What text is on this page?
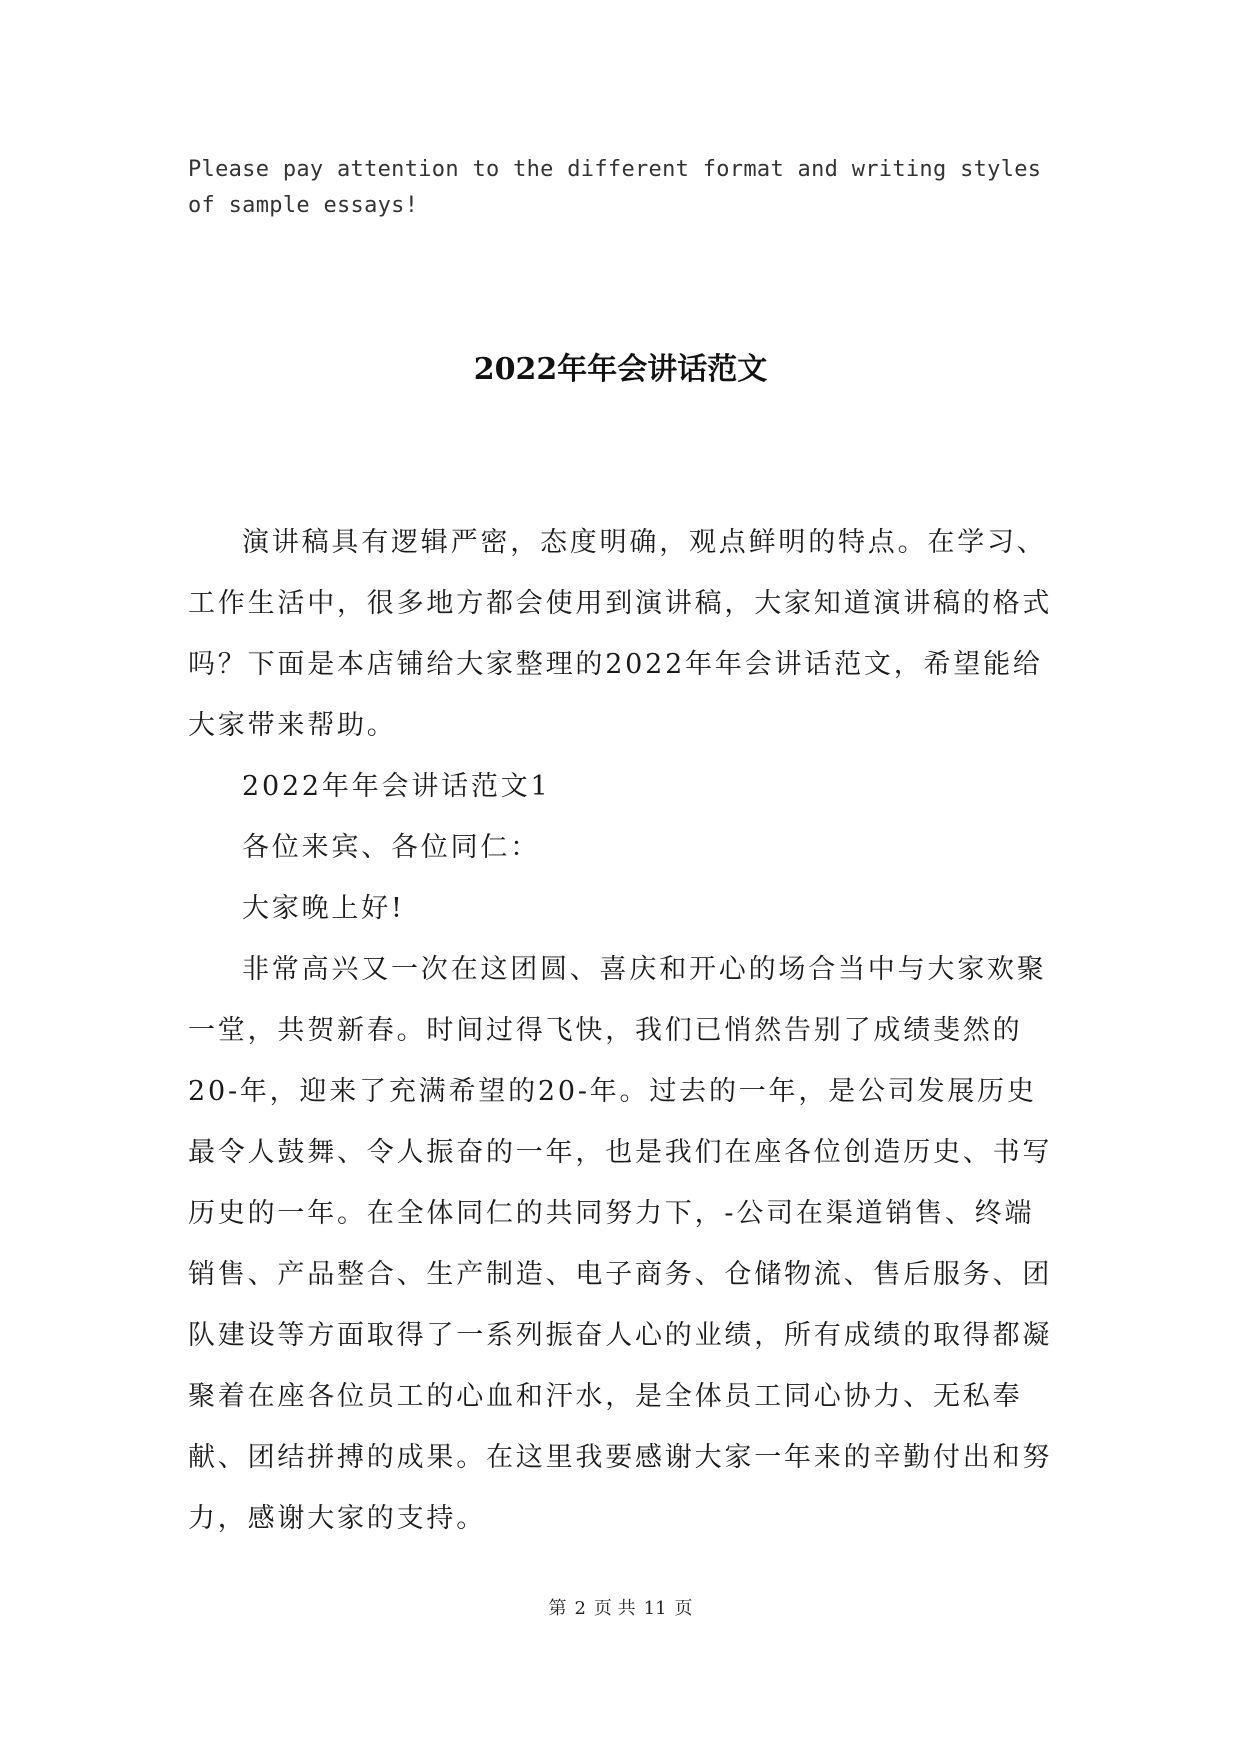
Please pay attention to the different format and writing styles of sample essays!

2022年年会讲话范文

演讲稿具有逻辑严密，态度明确，观点鲜明的特点。在学习、工作生活中，很多地方都会使用到演讲稿，大家知道演讲稿的格式吗？下面是本店铺给大家整理的2022年年会讲话范文，希望能给大家带来帮助。

2022年年会讲话范文1

各位来宾、各位同仁：

大家晚上好!

非常高兴又一次在这团圆、喜庆和开心的场合当中与大家欢聚一堂，共贺新春。时间过得飞快，我们已悄然告别了成绩斐然的20-年，迎来了充满希望的20-年。过去的一年，是公司发展历史最令人鼓舞、令人振奋的一年，也是我们在座各位创造历史、书写历史的一年。在全体同仁的共同努力下，-公司在渠道销售、终端销售、产品整合、生产制造、电子商务、仓储物流、售后服务、团队建设等方面取得了一系列振奋人心的业绩，所有成绩的取得都凝聚着在座各位员工的心血和汗水，是全体员工同心协力、无私奉献、团结拼搏的成果。在这里我要感谢大家一年来的辛勤付出和努力，感谢大家的支持。

第 2 页 共 11 页
